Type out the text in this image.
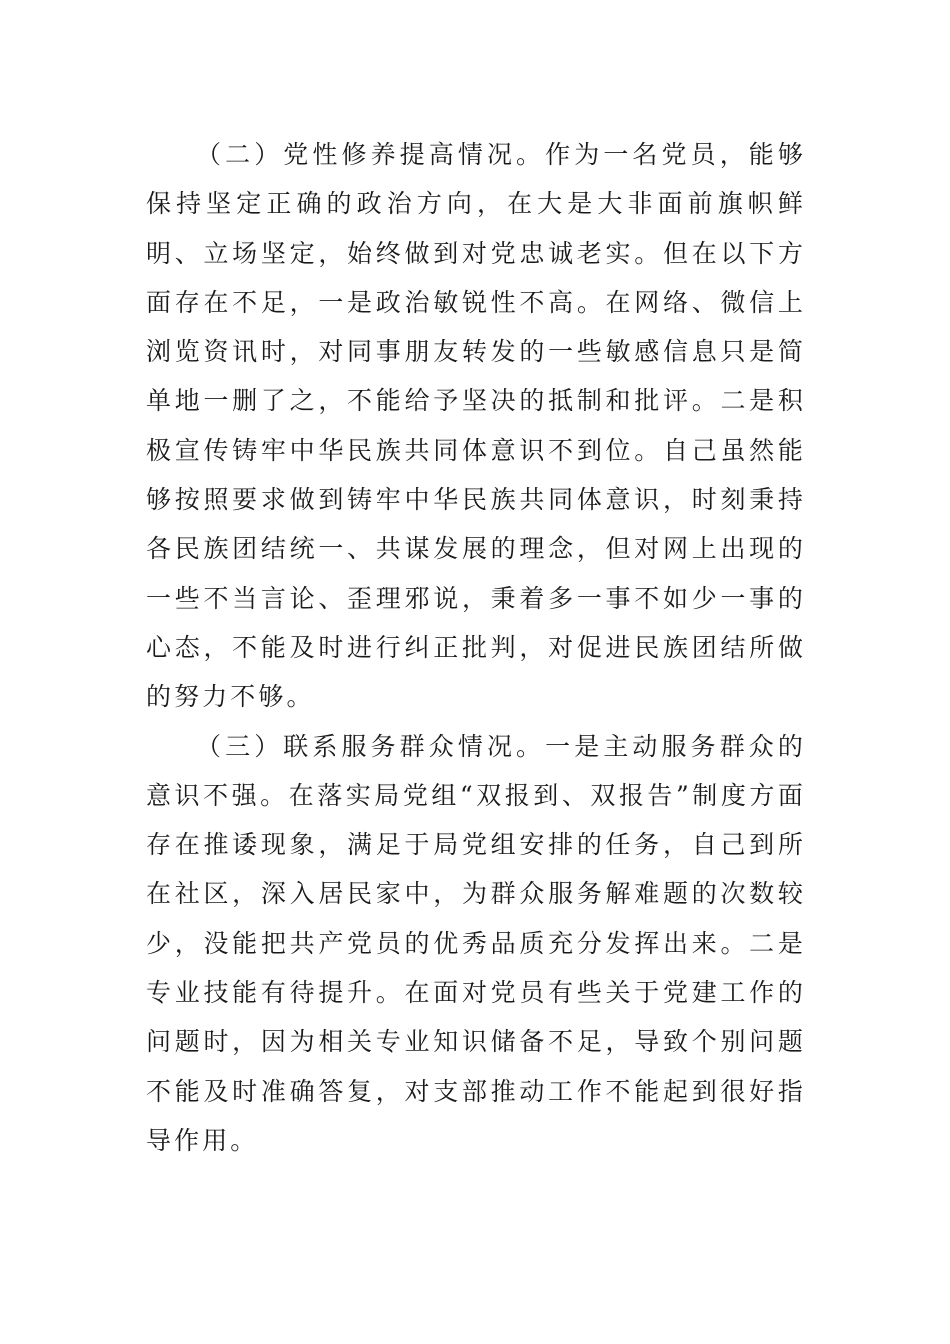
（二）党性修养提高情况。作为一名党员，能够保持坚定正确的政治方向，在大是大非面前旗帜鲜明、立场坚定，始终做到对党忠诚老实。但在以下方面存在不足，一是政治敏锐性不高。在网络、微信上浏览资讯时，对同事朋友转发的一些敏感信息只是简单地一删了之，不能给予坚决的抵制和批评。二是积极宣传铸牢中华民族共同体意识不到位。自己虽然能够按照要求做到铸牢中华民族共同体意识，时刻秉持各民族团结统一、共谋发展的理念，但对网上出现的一些不当言论、歪理邪说，秉着多一事不如少一事的心态，不能及时进行纠正批判，对促进民族团结所做的努力不够。

（三）联系服务群众情况。一是主动服务群众的意识不强。在落实局党组“双报到、双报告”制度方面存在推诿现象，满足于局党组安排的任务，自己到所在社区，深入居民家中，为群众服务解难题的次数较少，没能把共产党员的优秀品质充分发挥出来。二是专业技能有待提升。在面对党员有些关于党建工作的问题时，因为相关专业知识储备不足，导致个别问题不能及时准确答复，对支部推动工作不能起到很好指导作用。
